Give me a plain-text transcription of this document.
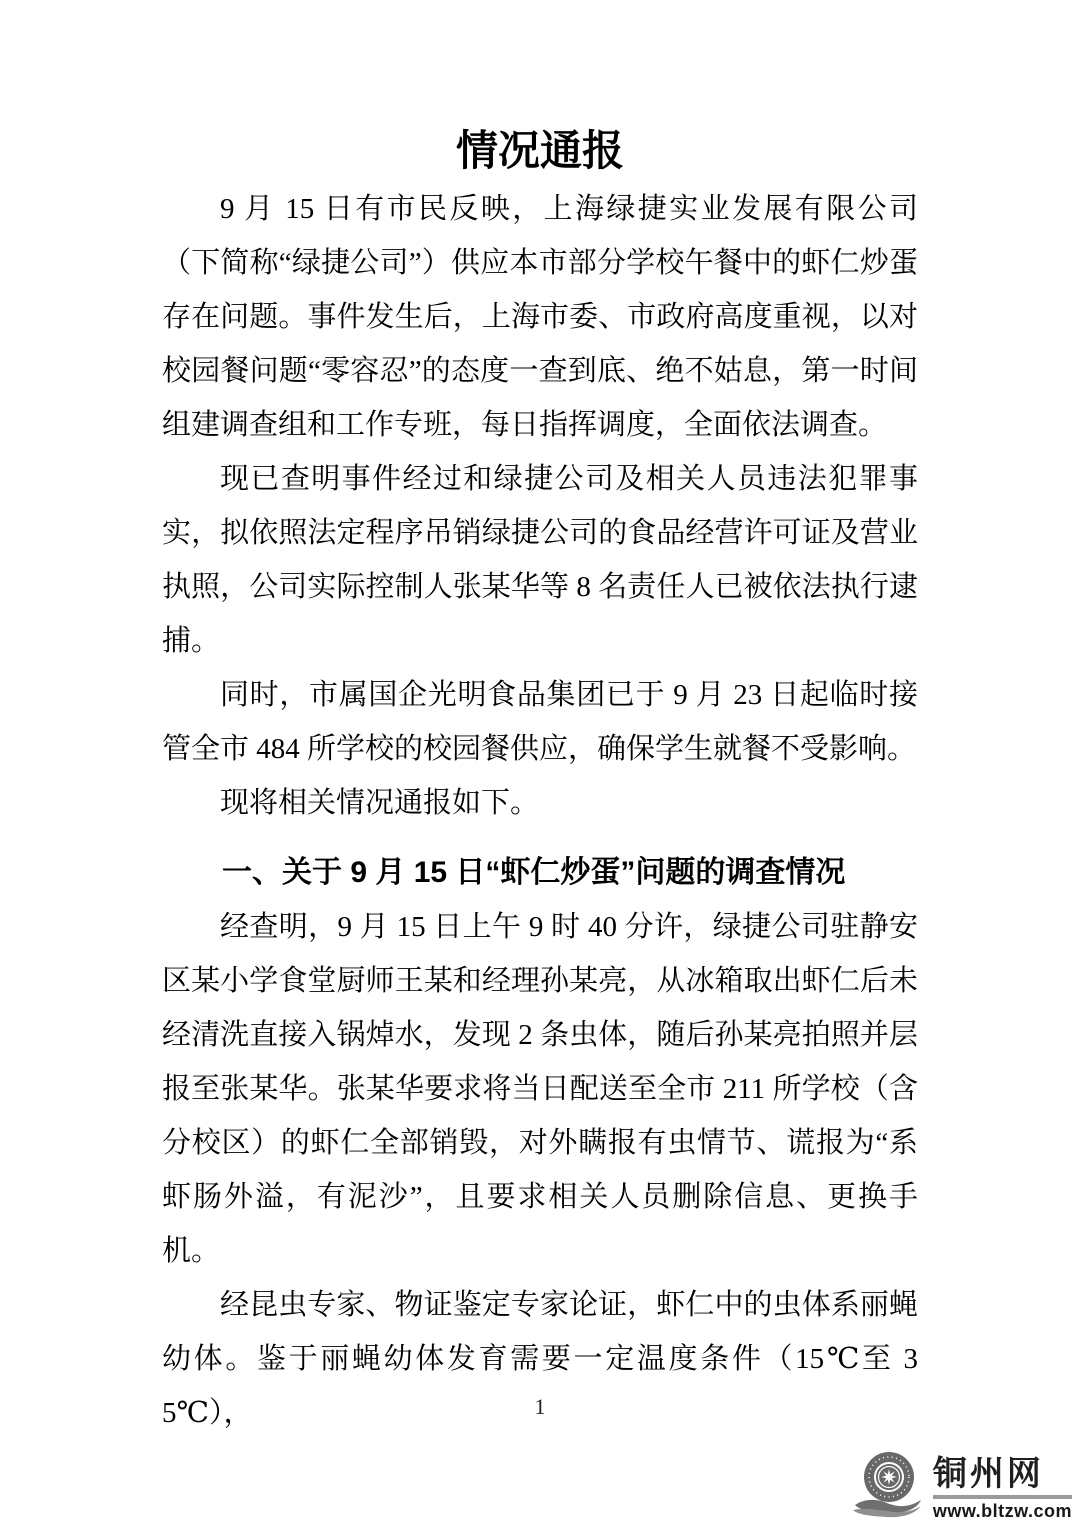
情况通报

9 月 15 日有市民反映，上海绿捷实业发展有限公司（下简称“绿捷公司”）供应本市部分学校午餐中的虾仁炒蛋存在问题。事件发生后，上海市委、市政府高度重视，以对校园餐问题“零容忍”的态度一查到底、绝不姑息，第一时间组建调查组和工作专班，每日指挥调度，全面依法调查。

现已查明事件经过和绿捷公司及相关人员违法犯罪事实，拟依照法定程序吊销绿捷公司的食品经营许可证及营业执照，公司实际控制人张某华等 8 名责任人已被依法执行逮捕。

同时，市属国企光明食品集团已于 9 月 23 日起临时接管全市 484 所学校的校园餐供应，确保学生就餐不受影响。

现将相关情况通报如下。

一、关于 9 月 15 日“虾仁炒蛋”问题的调查情况

经查明，9 月 15 日上午 9 时 40 分许，绿捷公司驻静安区某小学食堂厨师王某和经理孙某亮，从冰箱取出虾仁后未经清洗直接入锅焯水，发现 2 条虫体，随后孙某亮拍照并层报至张某华。张某华要求将当日配送至全市 211 所学校（含分校区）的虾仁全部销毁，对外瞒报有虫情节、谎报为“系虾肠外溢，有泥沙”，且要求相关人员删除信息、更换手机。

经昆虫专家、物证鉴定专家论证，虾仁中的虫体系丽蝇幼体。鉴于丽蝇幼体发育需要一定温度条件（15℃至 35℃），	1
铜州网
www.bltzw.com
